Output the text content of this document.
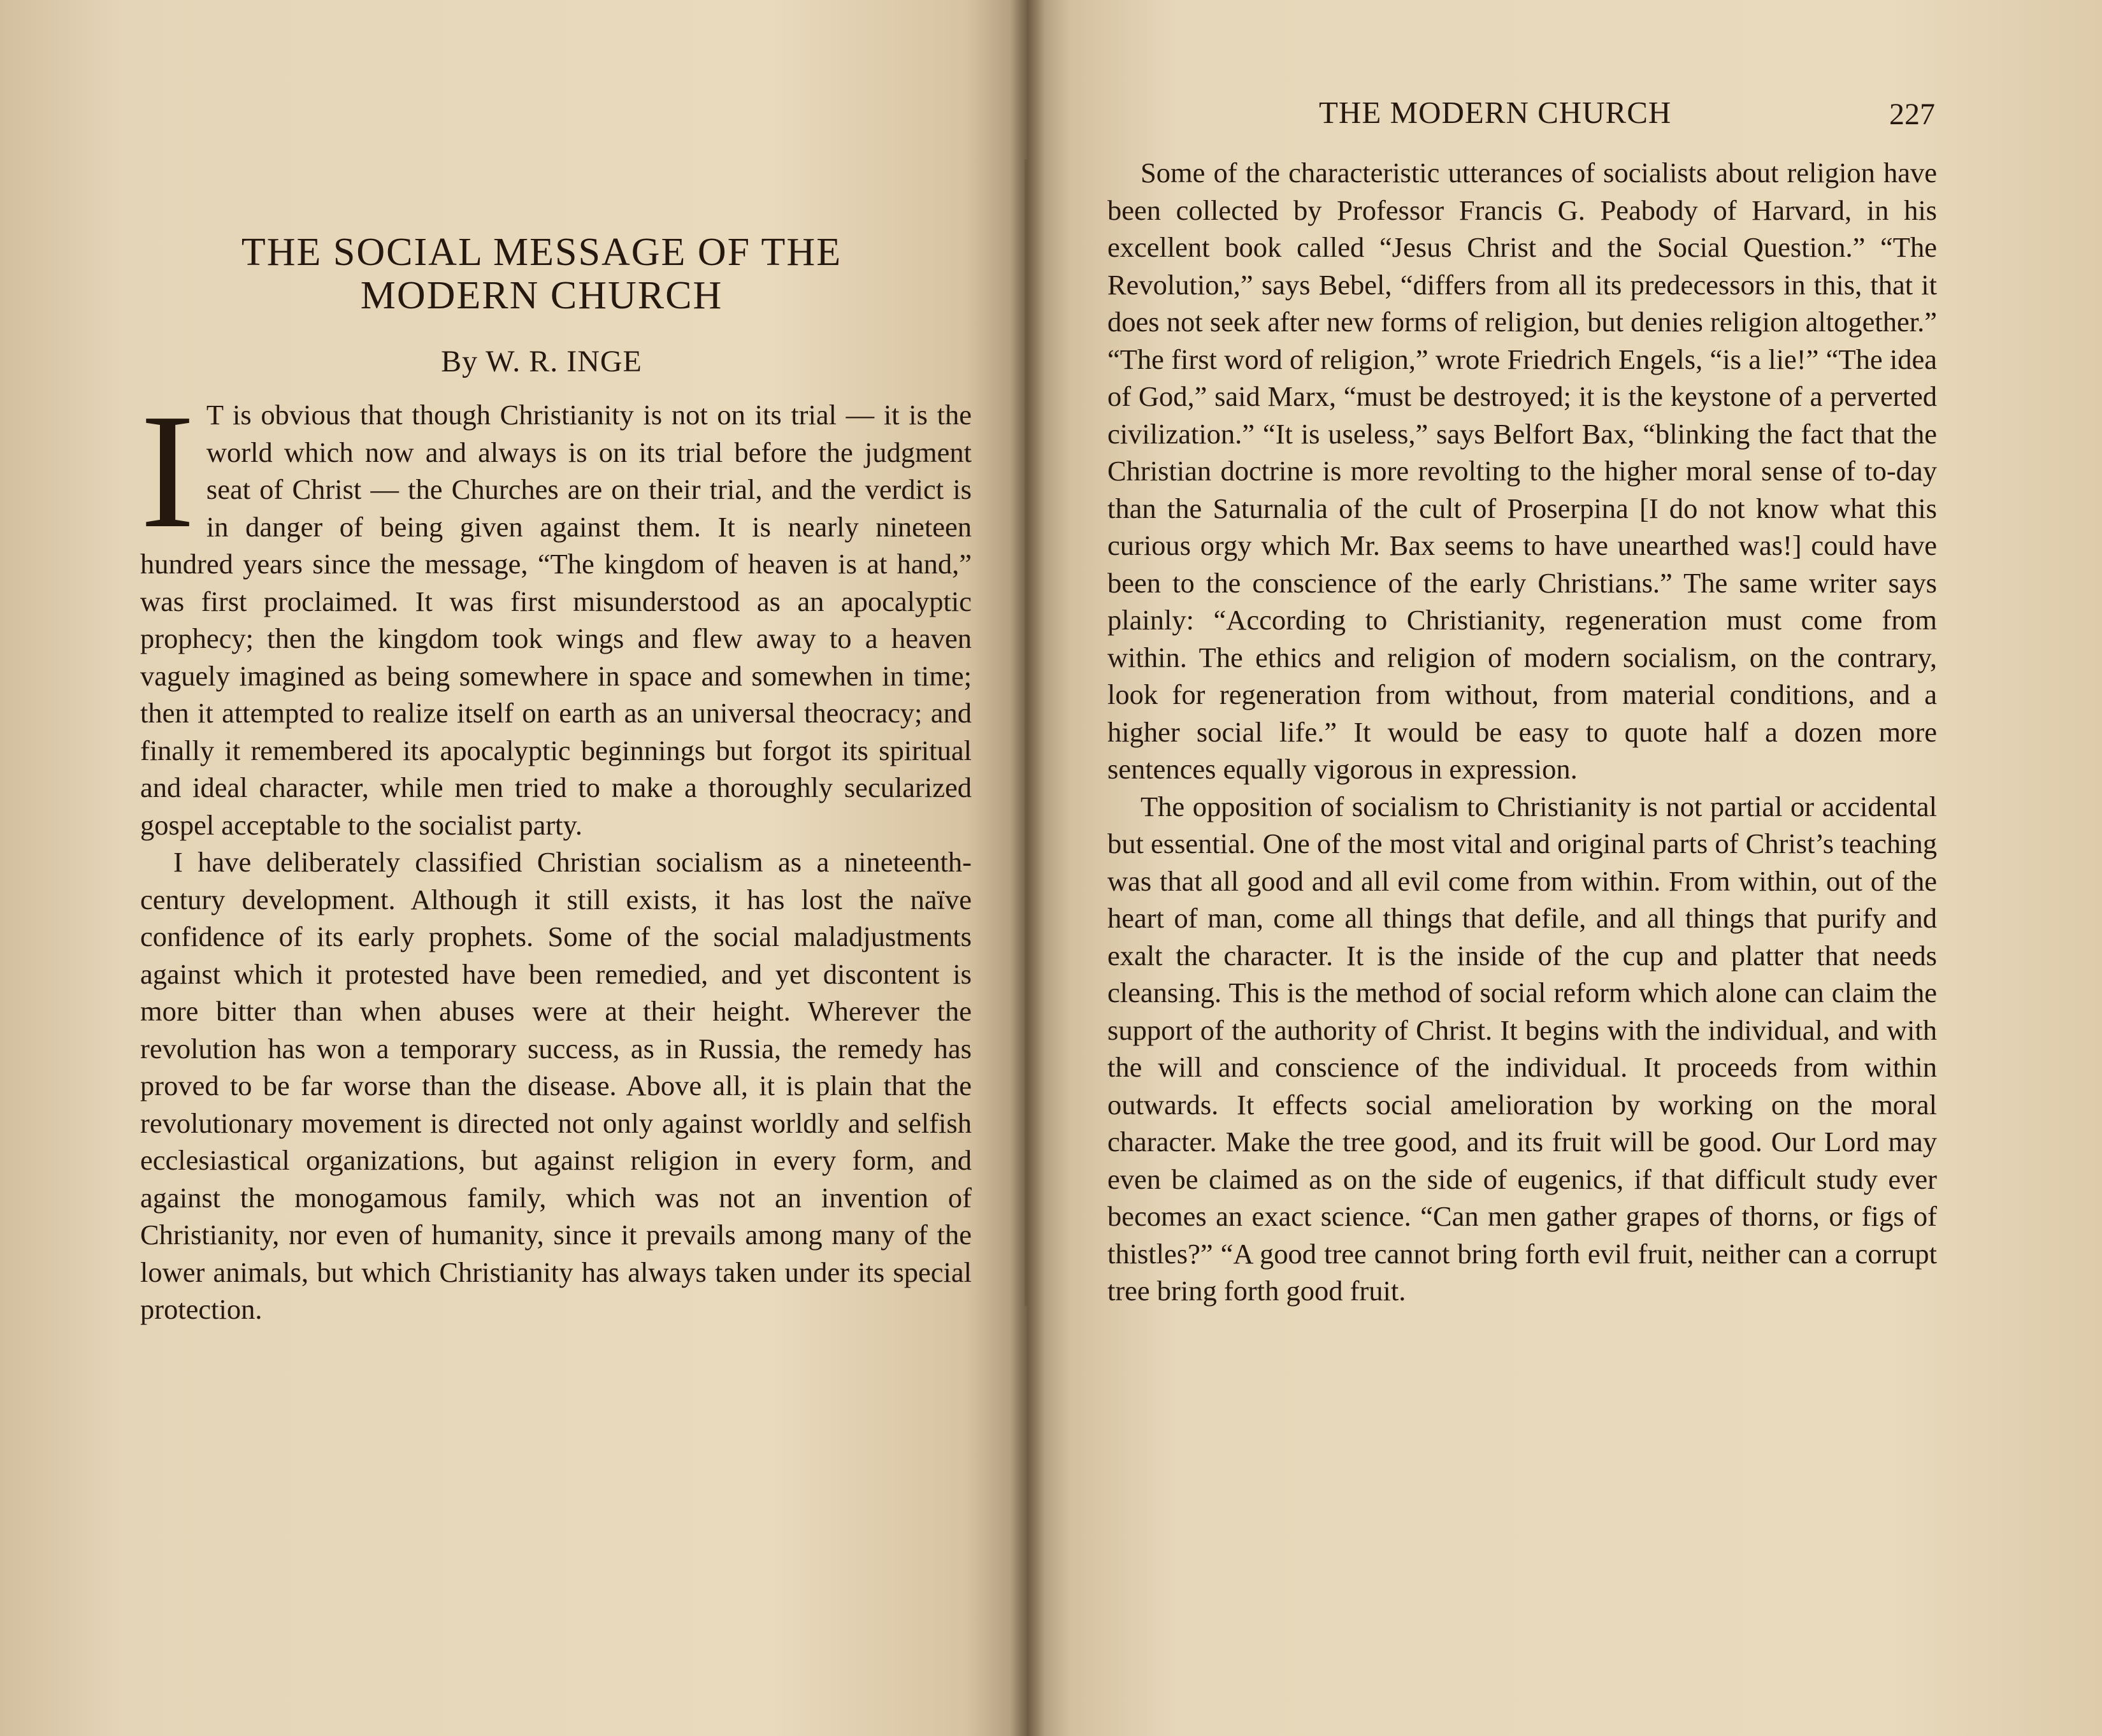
THE SOCIAL MESSAGE OF THE MODERN CHURCH
By W. R. INGE

I T is obvious that though Christianity is not on its trial — it is the world which now and always is on its trial before the judgment seat of Christ — the Churches are on their trial, and the verdict is in danger of being given against them. It is nearly nineteen hundred years since the message, “The kingdom of heaven is at hand,” was first proclaimed. It was first misunderstood as an apocalyptic prophecy; then the kingdom took wings and flew away to a heaven vaguely imagined as being somewhere in space and somewhen in time; then it attempted to realize itself on earth as an universal theocracy; and finally it remembered its apocalyptic beginnings but forgot its spiritual and ideal character, while men tried to make a thoroughly secularized gospel acceptable to the socialist party.

I have deliberately classified Christian socialism as a nineteenth-century development. Although it still exists, it has lost the naïve confidence of its early prophets. Some of the social maladjustments against which it protested have been remedied, and yet discontent is more bitter than when abuses were at their height. Wherever the revolution has won a temporary success, as in Russia, the remedy has proved to be far worse than the disease. Above all, it is plain that the revolutionary movement is directed not only against worldly and selfish ecclesiastical organizations, but against religion in every form, and against the monogamous family, which was not an invention of Christianity, nor even of humanity, since it prevails among many of the lower animals, but which Christianity has always taken under its special protection.

THE MODERN CHURCH	227

Some of the characteristic utterances of socialists about religion have been collected by Professor Francis G. Peabody of Harvard, in his excellent book called “Jesus Christ and the Social Question.” “The Revolution,” says Bebel, “differs from all its predecessors in this, that it does not seek after new forms of religion, but denies religion altogether.” “The first word of religion,” wrote Friedrich Engels, “is a lie!” “The idea of God,” said Marx, “must be destroyed; it is the keystone of a perverted civilization.” “It is useless,” says Belfort Bax, “blinking the fact that the Christian doctrine is more revolting to the higher moral sense of to-day than the Saturnalia of the cult of Proserpina [I do not know what this curious orgy which Mr. Bax seems to have unearthed was!] could have been to the conscience of the early Christians.” The same writer says plainly: “According to Christianity, regeneration must come from within. The ethics and religion of modern socialism, on the contrary, look for regeneration from without, from material conditions, and a higher social life.” It would be easy to quote half a dozen more sentences equally vigorous in expression.

The opposition of socialism to Christianity is not partial or accidental but essential. One of the most vital and original parts of Christ’s teaching was that all good and all evil come from within. From within, out of the heart of man, come all things that defile, and all things that purify and exalt the character. It is the inside of the cup and platter that needs cleansing. This is the method of social reform which alone can claim the support of the authority of Christ. It begins with the individual, and with the will and conscience of the individual. It proceeds from within outwards. It effects social amelioration by working on the moral character. Make the tree good, and its fruit will be good. Our Lord may even be claimed as on the side of eugenics, if that difficult study ever becomes an exact science. “Can men gather grapes of thorns, or figs of thistles?” “A good tree cannot bring forth evil fruit, neither can a corrupt tree bring forth good fruit.
